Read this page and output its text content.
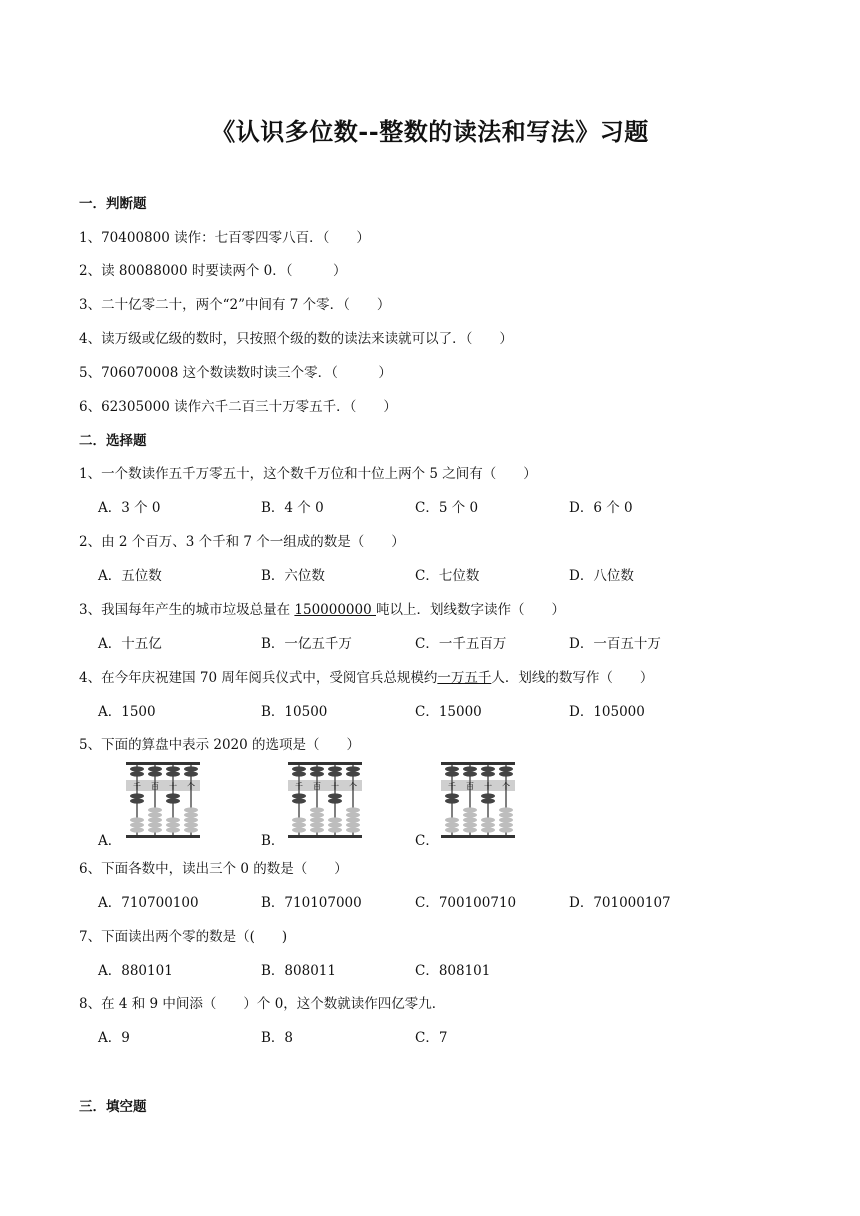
《认识多位数--整数的读法和写法》习题
一．判断题
1、70400800 读作：七百零四零八百．（　　）
2、读 80088000 时要读两个 0．（　　　）
3、二十亿零二十，两个“2”中间有 7 个零．（　　）
4、读万级或亿级的数时，只按照个级的数的读法来读就可以了．（　　）
5、706070008 这个数读数时读三个零．（　　　）
6、62305000 读作六千二百三十万零五千．（　　）
二．选择题
1、一个数读作五千万零五十，这个数千万位和十位上两个 5 之间有（　　）
A．3 个 0	B．4 个 0	C．5 个 0	D．6 个 0
2、由 2 个百万、3 个千和 7 个一组成的数是（　　）
A．五位数	B．六位数	C．七位数	D．八位数
3、我国每年产生的城市垃圾总量在 150000000 吨以上．划线数字读作（　　）
A．十五亿	B．一亿五千万	C．一千五百万	D．一百五十万
4、在今年庆祝建国 70 周年阅兵仪式中，受阅官兵总规模约一万五千人．划线的数写作（　　）
A．1500	B．10500	C．15000	D．105000
5、下面的算盘中表示 2020 的选项是（　　）
A．	B．	C．
千 百 十 个	千 百 十 个	千 百 十 个
6、下面各数中，读出三个 0 的数是（　　）
A．710700100	B．710107000	C．700100710	D．701000107
7、下面读出两个零的数是（(　　)
A．880101	B．808011	C．808101
8、在 4 和 9 中间添（　　）个 0，这个数就读作四亿零九．
A．9	B．8	C．7
三．填空题
